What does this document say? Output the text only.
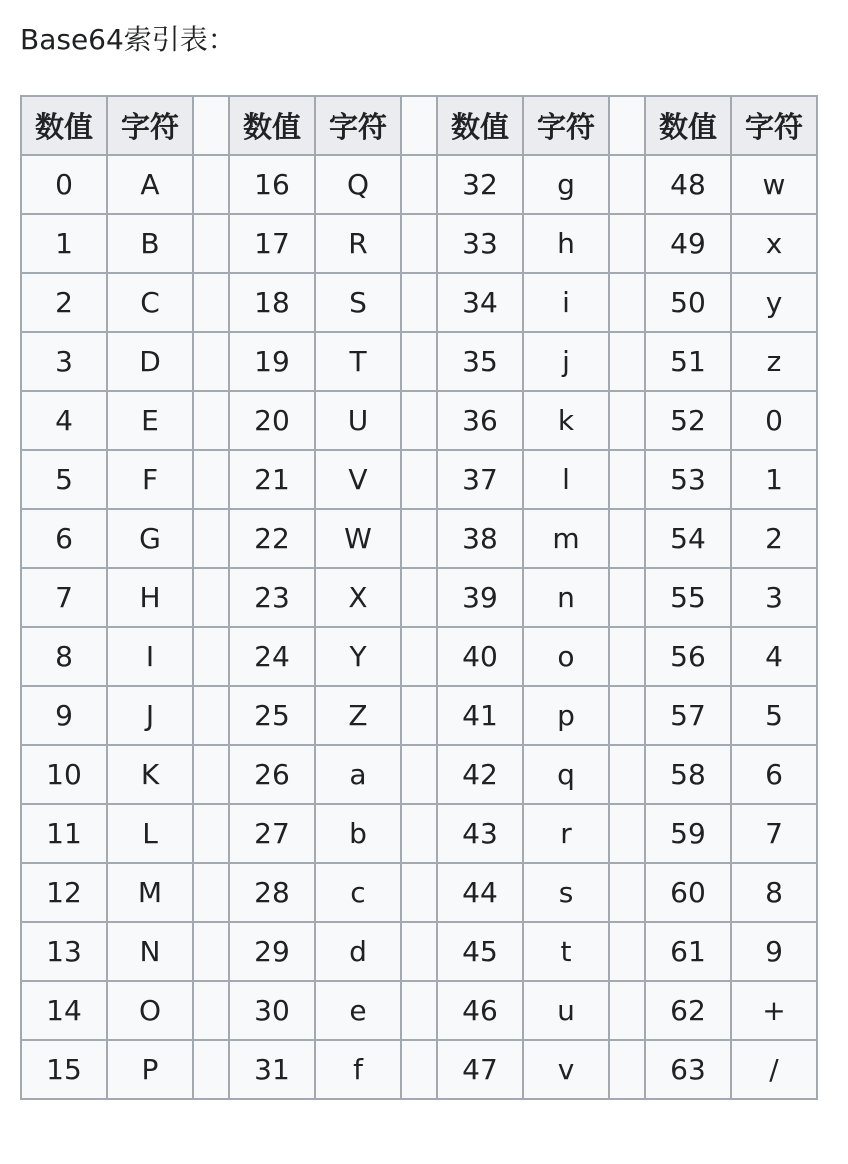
Base64索引表：
数值	字符		数值	字符		数值	字符		数值	字符
0	A		16	Q		32	g		48	w
1	B		17	R		33	h		49	x
2	C		18	S		34	i		50	y
3	D		19	T		35	j		51	z
4	E		20	U		36	k		52	0
5	F		21	V		37	l		53	1
6	G		22	W		38	m		54	2
7	H		23	X		39	n		55	3
8	I		24	Y		40	o		56	4
9	J		25	Z		41	p		57	5
10	K		26	a		42	q		58	6
11	L		27	b		43	r		59	7
12	M		28	c		44	s		60	8
13	N		29	d		45	t		61	9
14	O		30	e		46	u		62	+
15	P		31	f		47	v		63	/
